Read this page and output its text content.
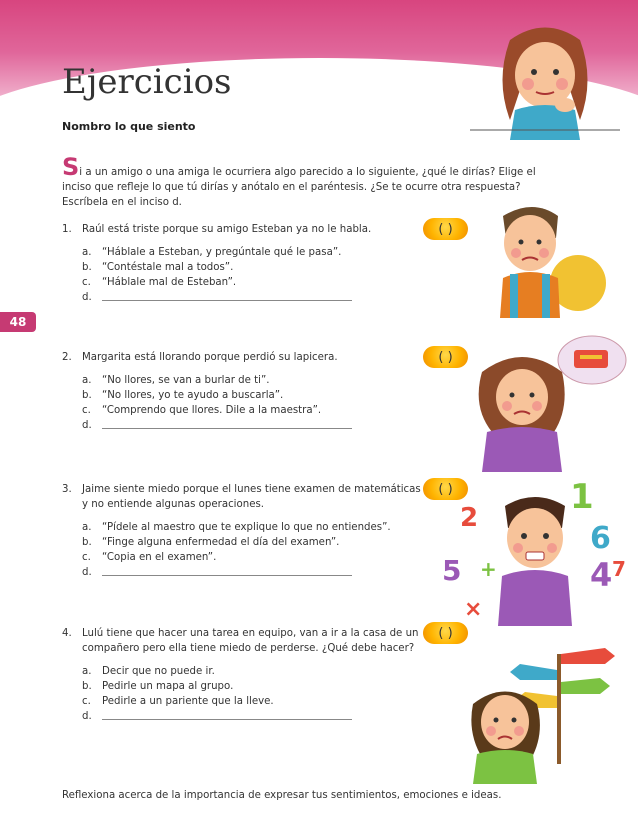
Ejercicios
Nombro lo que siento
48
Si a un amigo o una amiga le ocurriera algo parecido a lo siguiente, ¿qué le dirías? Elige el inciso que refleje lo que tú dirías y anótalo en el paréntesis. ¿Se te ocurre otra respuesta? Escríbela en el inciso d.
1.	Raúl está triste porque su amigo Esteban ya no le habla.
a. “Háblale a Esteban, y pregúntale qué le pasa”.
b. “Contéstale mal a todos”.
c. “Háblale mal de Esteban”.
d.
( )
2.	Margarita está llorando porque perdió su lapicera.
a. “No llores, se van a burlar de ti”.
b. “No llores, yo te ayudo a buscarla”.
c. “Comprendo que llores. Dile a la maestra”.
d.
( )
3.	Jaime siente miedo porque el lunes tiene examen de matemáticas y no entiende algunas operaciones.
a. “Pídele al maestro que te explique lo que no entiendes”.
b. “Finge alguna enfermedad el día del examen”.
c. “Copia en el examen”.
d.
( )	1
2
6
5	4 7
×
+
4.	Lulú tiene que hacer una tarea en equipo, van a ir a la casa de un compañero pero ella tiene miedo de perderse. ¿Qué debe hacer?
a. Decir que no puede ir.
b. Pedirle un mapa al grupo.
c. Pedirle a un pariente que la lleve.
d.
( )
Reflexiona acerca de la importancia de expresar tus sentimientos, emociones e ideas.
